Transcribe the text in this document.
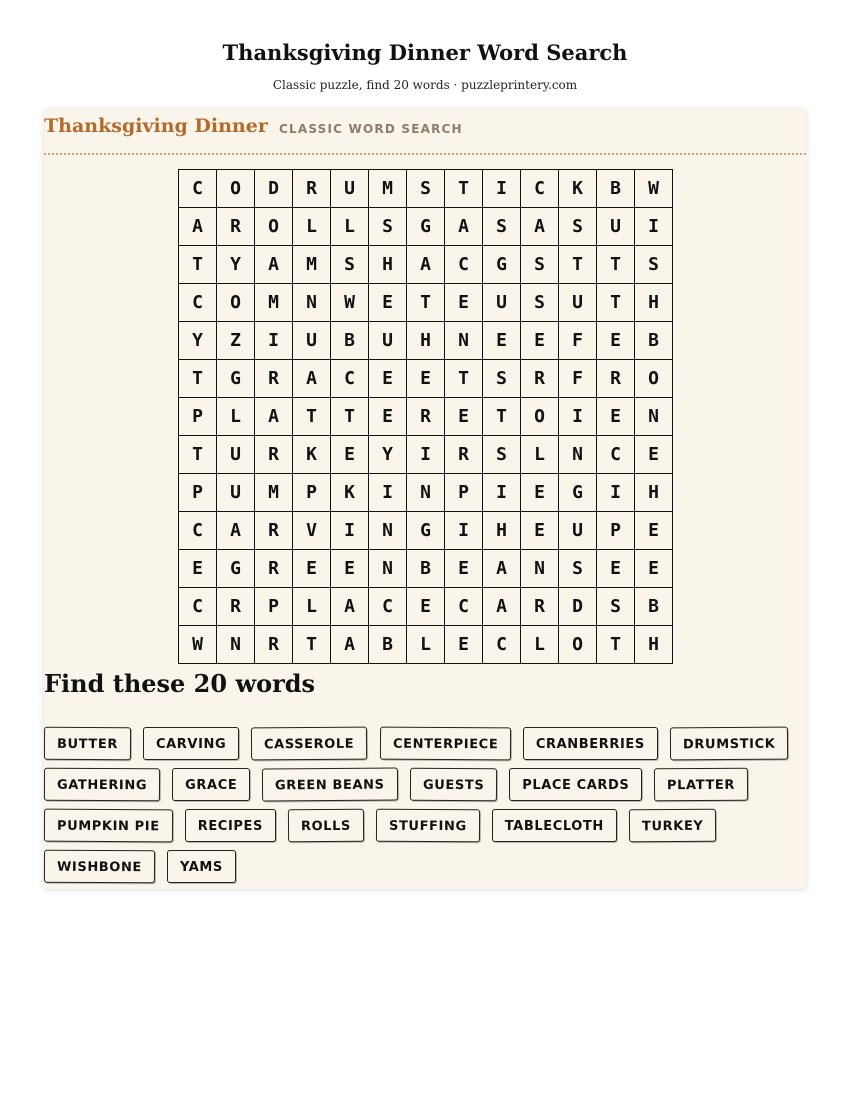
Thanksgiving Dinner Word Search

Classic puzzle, find 20 words · puzzleprintery.com

Thanksgiving Dinner CLASSIC WORD SEARCH
C	O	D	R	U	M	S	T	I	C	K	B	W
A	R	O	L	L	S	G	A	S	A	S	U	I
T	Y	A	M	S	H	A	C	G	S	T	T	S
C	O	M	N	W	E	T	E	U	S	U	T	H
Y	Z	I	U	B	U	H	N	E	E	F	E	B
T	G	R	A	C	E	E	T	S	R	F	R	O
P	L	A	T	T	E	R	E	T	O	I	E	N
T	U	R	K	E	Y	I	R	S	L	N	C	E
P	U	M	P	K	I	N	P	I	E	G	I	H
C	A	R	V	I	N	G	I	H	E	U	P	E
E	G	R	E	E	N	B	E	A	N	S	E	E
C	R	P	L	A	C	E	C	A	R	D	S	B
W	N	R	T	A	B	L	E	C	L	O	T	H
Find these 20 words
BUTTER	CARVING	CASSEROLE	CENTERPIECE	CRANBERRIES	DRUMSTICK
GATHERING	GRACE	GREEN BEANS	GUESTS	PLACE CARDS	PLATTER
PUMPKIN PIE	RECIPES	ROLLS	STUFFING	TABLECLOTH	TURKEY
WISHBONE	YAMS
